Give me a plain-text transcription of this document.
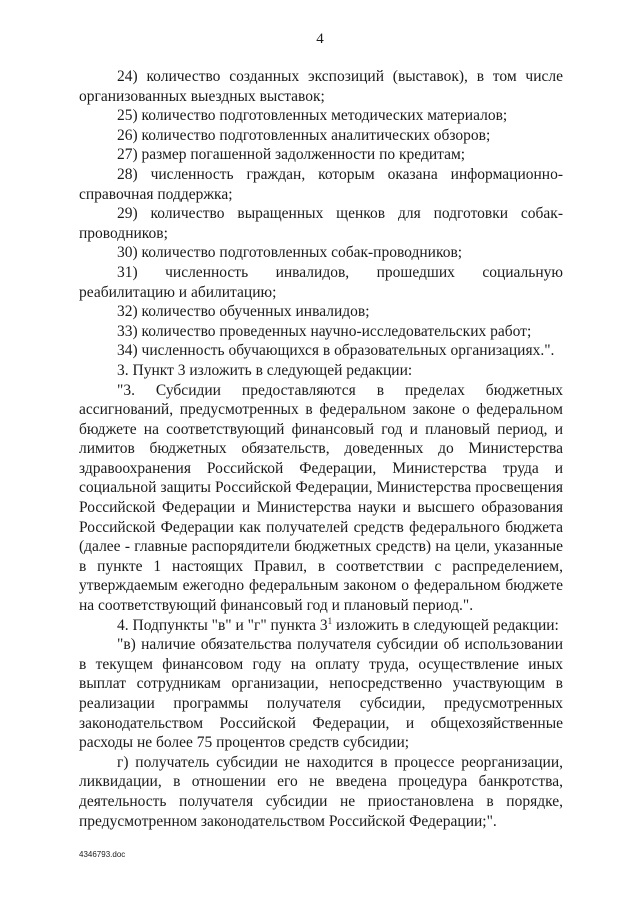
4

24) количество созданных экспозиций (выставок), в том числе организованных выездных выставок;

25) количество подготовленных методических материалов;

26) количество подготовленных аналитических обзоров;

27) размер погашенной задолженности по кредитам;

28) численность граждан, которым оказана информационно-справочная поддержка;

29) количество выращенных щенков для подготовки собак-проводников;

30) количество подготовленных собак-проводников;

31) численность инвалидов, прошедших социальную реабилитацию и абилитацию;

32) количество обученных инвалидов;

33) количество проведенных научно-исследовательских работ;

34) численность обучающихся в образовательных организациях.".

3. Пункт 3 изложить в следующей редакции:

"3. Субсидии предоставляются в пределах бюджетных ассигнований, предусмотренных в федеральном законе о федеральном бюджете на соответствующий финансовый год и плановый период, и лимитов бюджетных обязательств, доведенных до Министерства здравоохранения Российской Федерации, Министерства труда и социальной защиты Российской Федерации, Министерства просвещения Российской Федерации и Министерства науки и высшего образования Российской Федерации как получателей средств федерального бюджета (далее - главные распорядители бюджетных средств) на цели, указанные в пункте 1 настоящих Правил, в соответствии с распределением, утверждаемым ежегодно федеральным законом о федеральном бюджете на соответствующий финансовый год и плановый период.".

4. Подпункты "в" и "г" пункта $3^1$ изложить в следующей редакции:

"в) наличие обязательства получателя субсидии об использовании в текущем финансовом году на оплату труда, осуществление иных выплат сотрудникам организации, непосредственно участвующим в реализации программы получателя субсидии, предусмотренных законодательством Российской Федерации, и общехозяйственные расходы не более 75 процентов средств субсидии;

г) получатель субсидии не находится в процессе реорганизации, ликвидации, в отношении его не введена процедура банкротства, деятельность получателя субсидии не приостановлена в порядке, предусмотренном законодательством Российской Федерации;".

4346793.doc
